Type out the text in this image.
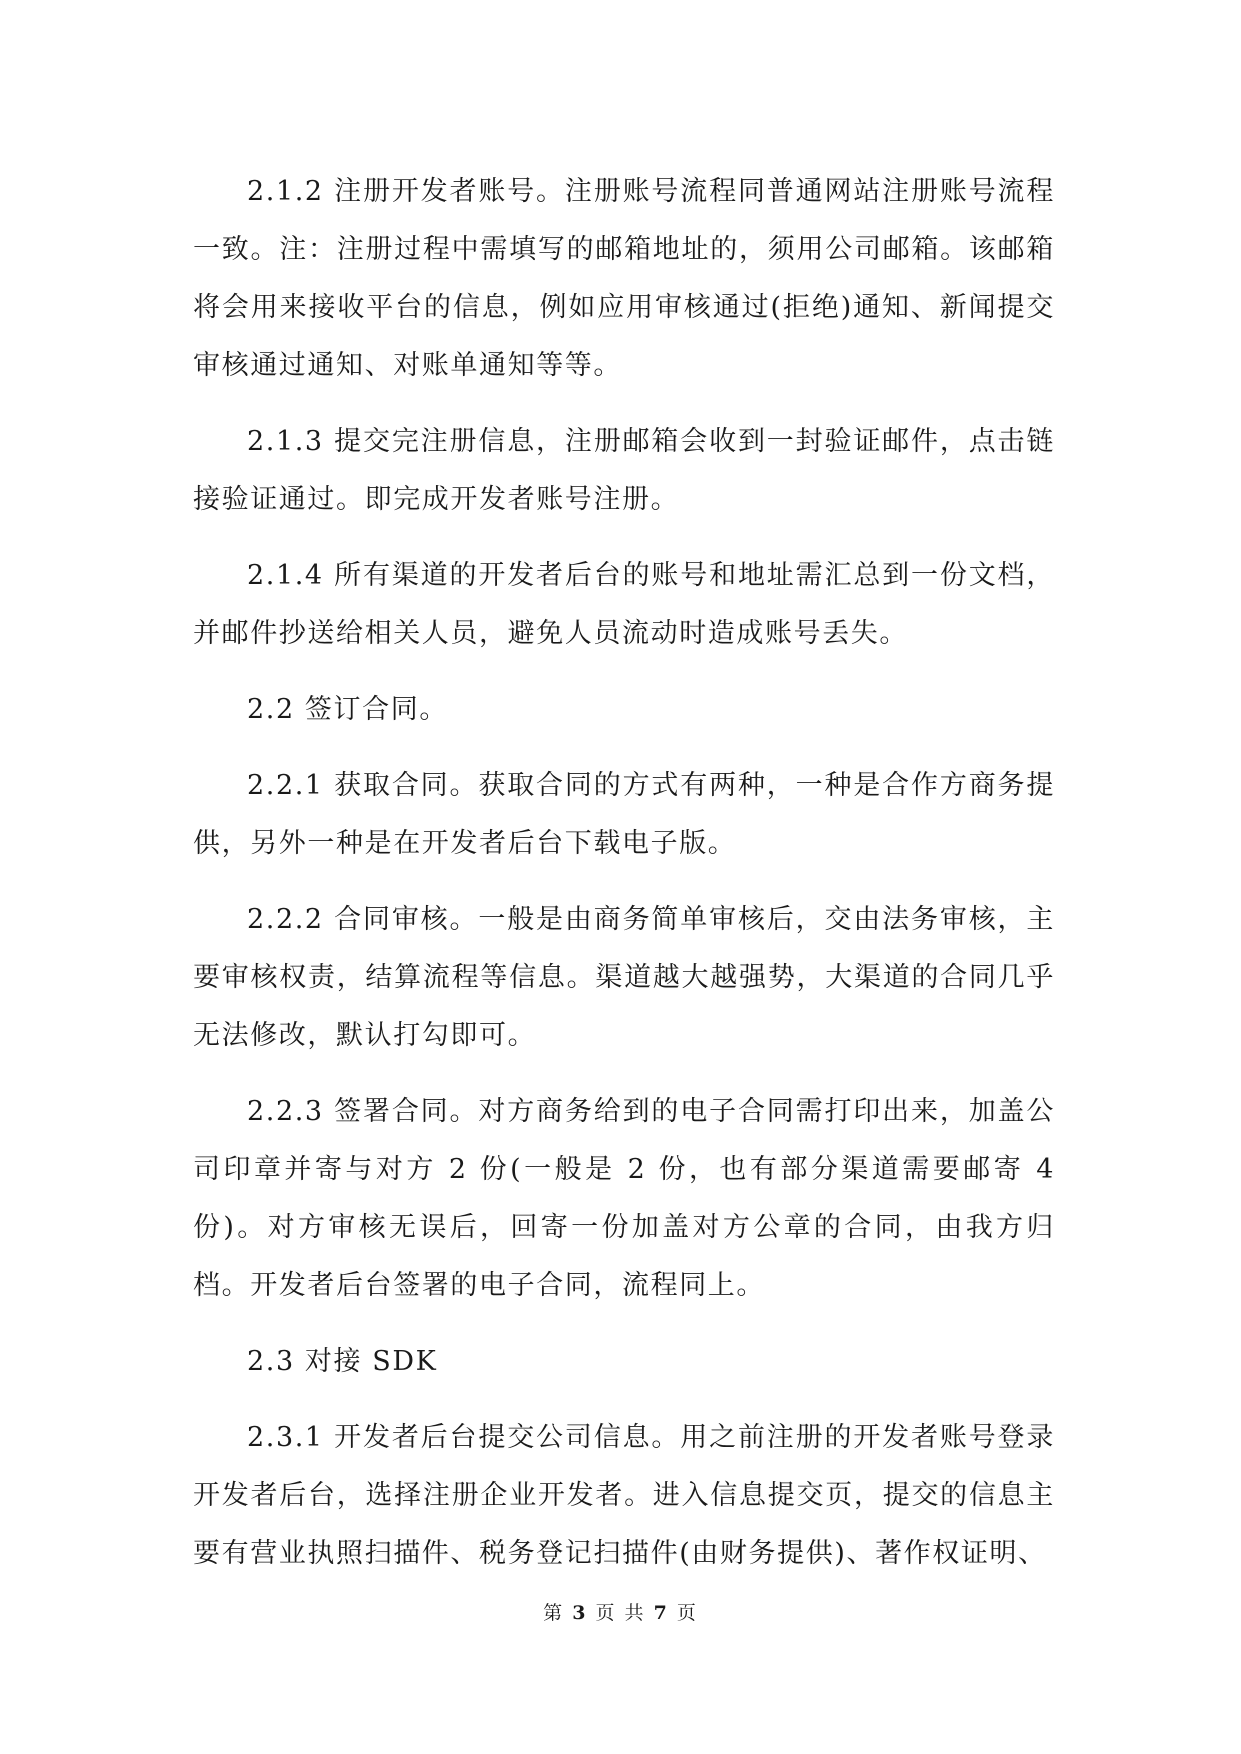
2.1.2 注册开发者账号。注册账号流程同普通网站注册账号流程一致。注：注册过程中需填写的邮箱地址的，须用公司邮箱。该邮箱将会用来接收平台的信息，例如应用审核通过(拒绝)通知、新闻提交审核通过通知、对账单通知等等。

2.1.3 提交完注册信息，注册邮箱会收到一封验证邮件，点击链接验证通过。即完成开发者账号注册。

2.1.4 所有渠道的开发者后台的账号和地址需汇总到一份文档，并邮件抄送给相关人员，避免人员流动时造成账号丢失。

2.2 签订合同。

2.2.1 获取合同。获取合同的方式有两种，一种是合作方商务提供，另外一种是在开发者后台下载电子版。

2.2.2 合同审核。一般是由商务简单审核后，交由法务审核，主要审核权责，结算流程等信息。渠道越大越强势，大渠道的合同几乎无法修改，默认打勾即可。

2.2.3 签署合同。对方商务给到的电子合同需打印出来，加盖公司印章并寄与对方 2 份(一般是 2 份，也有部分渠道需要邮寄 4 份)。对方审核无误后，回寄一份加盖对方公章的合同，由我方归档。开发者后台签署的电子合同，流程同上。

2.3 对接 SDK

2.3.1 开发者后台提交公司信息。用之前注册的开发者账号登录开发者后台，选择注册企业开发者。进入信息提交页，提交的信息主要有营业执照扫描件、税务登记扫描件(由财务提供)、著作权证明、

第 3 页 共 7 页
